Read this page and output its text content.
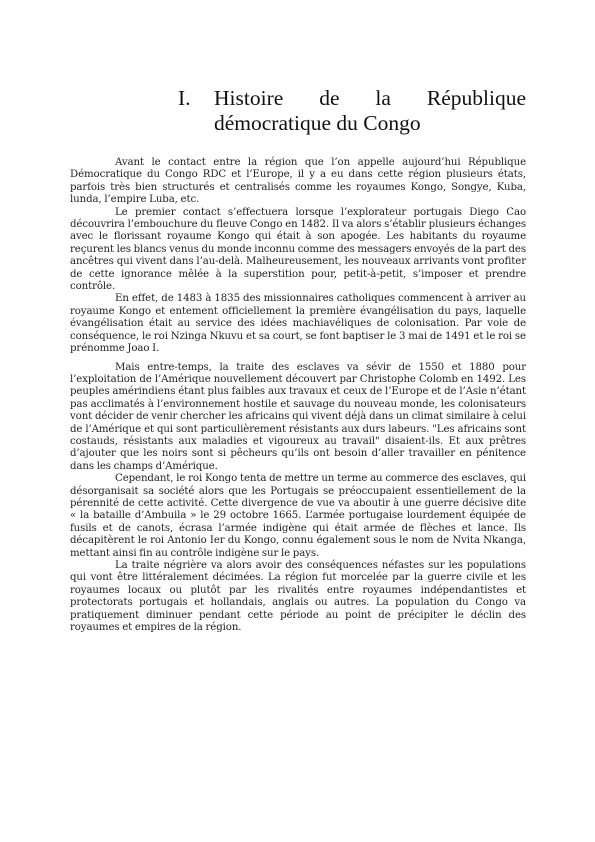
I. Histoire de la République
démocratique du Congo

Avant le contact entre la région que l’on appelle aujourd’hui République Démocratique du Congo RDC et l’Europe, il y a eu dans cette région plusieurs états, parfois très bien structurés et centralisés comme les royaumes Kongo, Songye, Kuba, lunda, l’empire Luba, etc.

Le premier contact s’effectuera lorsque l’explorateur portugais Diego Cao découvrira l’embouchure du fleuve Congo en 1482. Il va alors s’établir plusieurs échanges avec le florissant royaume Kongo qui était à son apogée. Les habitants du royaume reçurent les blancs venus du monde inconnu comme des messagers envoyés de la part des ancêtres qui vivent dans l’au-delà. Malheureusement, les nouveaux arrivants vont profiter de cette ignorance mêlée à la superstition pour, petit-à-petit, s’imposer et prendre contrôle.

En effet, de 1483 à 1835 des missionnaires catholiques commencent à arriver au royaume Kongo et entement officiellement la première évangélisation du pays, laquelle évangélisation était au service des idées machiavéliques de colonisation. Par voie de conséquence, le roi Nzinga Nkuvu et sa court, se font baptiser le 3 mai de 1491 et le roi se prénomme Joao I.

Mais entre-temps, la traite des esclaves va sévir de 1550 et 1880 pour l’exploitation de l’Amérique nouvellement découvert par Christophe Colomb en 1492. Les peuples amérindiens étant plus faibles aux travaux et ceux de l’Europe et de l’Asie n’étant pas acclimatés à l’environnement hostile et sauvage du nouveau monde, les colonisateurs vont décider de venir chercher les africains qui vivent déjà dans un climat similaire à celui de l’Amérique et qui sont particulièrement résistants aux durs labeurs. "Les africains sont costauds, résistants aux maladies et vigoureux au travail" disaient-ils. Et aux prêtres d’ajouter que les noirs sont si pêcheurs qu’ils ont besoin d’aller travailler en pénitence dans les champs d’Amérique.

Cependant, le roi Kongo tenta de mettre un terme au commerce des esclaves, qui désorganisait sa société alors que les Portugais se préoccupaient essentiellement de la pérennité de cette activité. Cette divergence de vue va aboutir à une guerre décisive dite « la bataille d’Ambuila » le 29 octobre 1665. L’armée portugaise lourdement équipée de fusils et de canots, écrasa l’armée indigène qui était armée de flèches et lance. Ils décapitèrent le roi Antonio Ier du Kongo, connu également sous le nom de Nvita Nkanga, mettant ainsi fin au contrôle indigène sur le pays.

La traite négrière va alors avoir des conséquences néfastes sur les populations qui vont être littéralement décimées. La région fut morcelée par la guerre civile et les royaumes locaux ou plutôt par les rivalités entre royaumes indépendantistes et protectorats portugais et hollandais, anglais ou autres. La population du Congo va pratiquement diminuer pendant cette période au point de précipiter le déclin des royaumes et empires de la région.
